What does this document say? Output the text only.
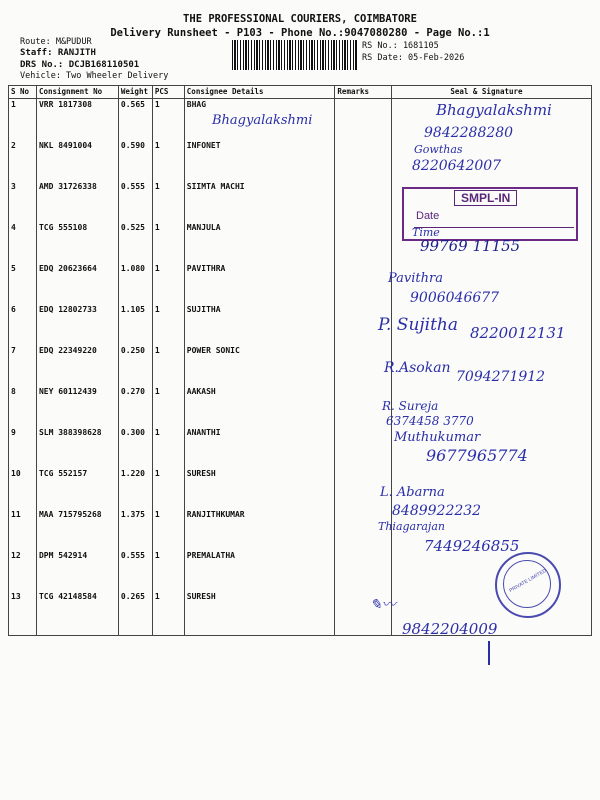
THE PROFESSIONAL COURIERS, COIMBATORE
Delivery Runsheet - P103 - Phone No.:9047080280 - Page No.:1
Route: M&PUDUR
Staff: RANJITH
DRS No.: DCJB168110501
Vehicle: Two Wheeler Delivery
RS No.: 1681105
RS Date: 05-Feb-2026
S No	Consignment No	Weight	PCS	Consignee Details	Remarks	Seal & Signature
1	VRR 1817308	0.565	1	BHAG		
2	NKL 8491004	0.590	1	INFONET		
3	AMD 31726338	0.555	1	SIIMTA MACHI		
4	TCG 555108	0.525	1	MANJULA		
5	EDQ 20623664	1.080	1	PAVITHRA		
6	EDQ 12802733	1.105	1	SUJITHA		
7	EDQ 22349220	0.250	1	POWER SONIC		
8	NEY 60112439	0.270	1	AAKASH		
9	SLM 388398628	0.300	1	ANANTHI		
10	TCG 552157	1.220	1	SURESH		
11	MAA 715795268	1.375	1	RANJITHKUMAR		
12	DPM 542914	0.555	1	PREMALATHA		
13	TCG 42148584	0.265	1	SURESH		
Bhagyalakshmi
Bhagyalakshmi
9842288280
Gowthas
8220642007
SMPL-IN
Date
Time
99769 11155
Pavithra
9006046677
P. Sujitha 8220012131
R.Asokan
7094271912
R. Sureja
6374458 3770
Muthukumar
9677965774
L. Abarna
8489922232
Thiagarajan
7449246855
PRIVATE LIMITED
✎〰
9842204009
